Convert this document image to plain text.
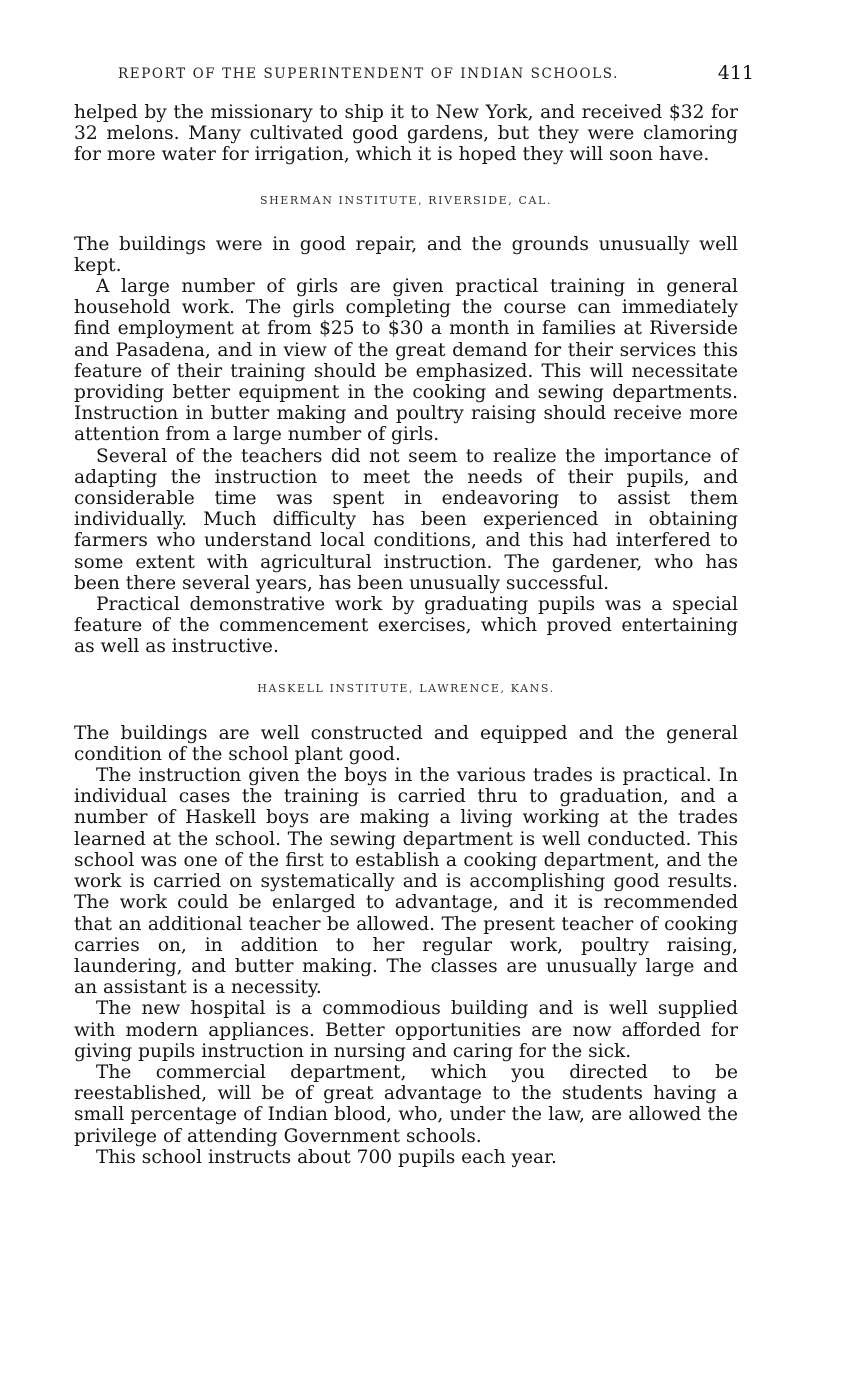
REPORT OF THE SUPERINTENDENT OF INDIAN SCHOOLS.	411

helped by the missionary to ship it to New York, and received $32 for 32 melons. Many cultivated good gardens, but they were clamoring for more water for irrigation, which it is hoped they will soon have.

SHERMAN INSTITUTE, RIVERSIDE, CAL.

The buildings were in good repair, and the grounds unusually well kept.

A large number of girls are given practical training in general household work. The girls completing the course can immediately find employment at from $25 to $30 a month in families at Riverside and Pasadena, and in view of the great demand for their services this feature of their training should be emphasized. This will necessitate providing better equipment in the cooking and sewing departments. Instruction in butter making and poultry raising should receive more attention from a large number of girls.

Several of the teachers did not seem to realize the importance of adapting the instruction to meet the needs of their pupils, and considerable time was spent in endeavoring to assist them individually. Much difficulty has been experienced in obtaining farmers who understand local conditions, and this had interfered to some extent with agricultural instruction. The gardener, who has been there several years, has been unusually successful.

Practical demonstrative work by graduating pupils was a special feature of the commencement exercises, which proved entertaining as well as instructive.

HASKELL INSTITUTE, LAWRENCE, KANS.

The buildings are well constructed and equipped and the general condition of the school plant good.

The instruction given the boys in the various trades is practical. In individual cases the training is carried thru to graduation, and a number of Haskell boys are making a living working at the trades learned at the school. The sewing department is well conducted. This school was one of the first to establish a cooking department, and the work is carried on systematically and is accomplishing good results. The work could be enlarged to advantage, and it is recommended that an additional teacher be allowed. The present teacher of cooking carries on, in addition to her regular work, poultry raising, laundering, and butter making. The classes are unusually large and an assistant is a necessity.

The new hospital is a commodious building and is well supplied with modern appliances. Better opportunities are now afforded for giving pupils instruction in nursing and caring for the sick.

The commercial department, which you directed to be reestablished, will be of great advantage to the students having a small percentage of Indian blood, who, under the law, are allowed the privilege of attending Government schools.

This school instructs about 700 pupils each year.
